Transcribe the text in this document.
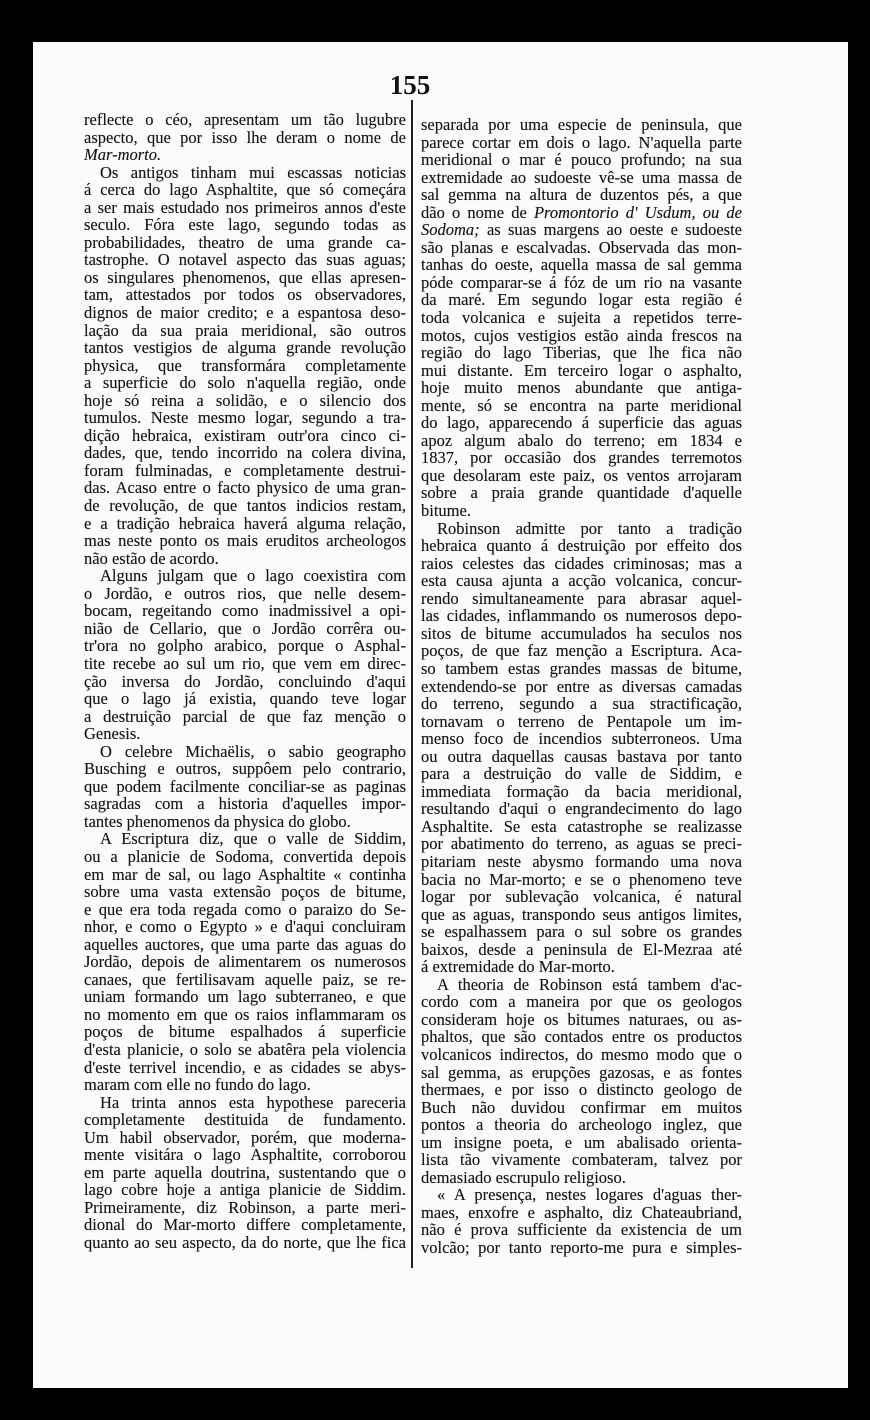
155
reflecte o céo, apresentam um tão lugubre
aspecto, que por isso lhe deram o nome de
Mar-morto.
Os antigos tinham mui escassas noticias
á cerca do lago Asphaltite, que só começára
a ser mais estudado nos primeiros annos d'este
seculo. Fóra este lago, segundo todas as
probabilidades, theatro de uma grande ca-
tastrophe. O notavel aspecto das suas aguas;
os singulares phenomenos, que ellas apresen-
tam, attestados por todos os observadores,
dignos de maior credito; e a espantosa deso-
lação da sua praia meridional, são outros
tantos vestigios de alguma grande revolução
physica, que transformára completamente
a superficie do solo n'aquella região, onde
hoje só reina a solidão, e o silencio dos
tumulos. Neste mesmo logar, segundo a tra-
dição hebraica, existiram outr'ora cinco ci-
dades, que, tendo incorrido na colera divina,
foram fulminadas, e completamente destrui-
das. Acaso entre o facto physico de uma gran-
de revolução, de que tantos indicios restam,
e a tradição hebraica haverá alguma relação,
mas neste ponto os mais eruditos archeologos
não estão de acordo.
Alguns julgam que o lago coexistira com
o Jordão, e outros rios, que nelle desem-
bocam, regeitando como inadmissivel a opi-
nião de Cellario, que o Jordão corrêra ou-
tr'ora no golpho arabico, porque o Asphal-
tite recebe ao sul um rio, que vem em direc-
ção inversa do Jordão, concluindo d'aqui
que o lago já existia, quando teve logar
a destruição parcial de que faz menção o
Genesis.
O celebre Michaëlis, o sabio geographo
Busching e outros, suppôem pelo contrario,
que podem facilmente conciliar-se as paginas
sagradas com a historia d'aquelles impor-
tantes phenomenos da physica do globo.
A Escriptura diz, que o valle de Siddim,
ou a planicie de Sodoma, convertida depois
em mar de sal, ou lago Asphaltite « continha
sobre uma vasta extensão poços de bitume,
e que era toda regada como o paraizo do Se-
nhor, e como o Egypto » e d'aqui concluiram
aquelles auctores, que uma parte das aguas do
Jordão, depois de alimentarem os numerosos
canaes, que fertilisavam aquelle paiz, se re-
uniam formando um lago subterraneo, e que
no momento em que os raios inflammaram os
poços de bitume espalhados á superficie
d'esta planicie, o solo se abatêra pela violencia
d'este terrivel incendio, e as cidades se abys-
maram com elle no fundo do lago.
Ha trinta annos esta hypothese pareceria
completamente destituida de fundamento.
Um habil observador, porém, que moderna-
mente visitára o lago Asphaltite, corroborou
em parte aquella doutrina, sustentando que o
lago cobre hoje a antiga planicie de Siddim.
Primeiramente, diz Robinson, a parte meri-
dional do Mar-morto differe completamente,
quanto ao seu aspecto, da do norte, que lhe fica
separada por uma especie de peninsula, que
parece cortar em dois o lago. N'aquella parte
meridional o mar é pouco profundo; na sua
extremidade ao sudoeste vê-se uma massa de
sal gemma na altura de duzentos pés, a que
dão o nome de Promontorio d' Usdum, ou de
Sodoma; as suas margens ao oeste e sudoeste
são planas e escalvadas. Observada das mon-
tanhas do oeste, aquella massa de sal gemma
póde comparar-se á fóz de um rio na vasante
da maré. Em segundo logar esta região é
toda volcanica e sujeita a repetidos terre-
motos, cujos vestigios estão ainda frescos na
região do lago Tiberias, que lhe fica não
mui distante. Em terceiro logar o asphalto,
hoje muito menos abundante que antiga-
mente, só se encontra na parte meridional
do lago, apparecendo á superficie das aguas
apoz algum abalo do terreno; em 1834 e
1837, por occasião dos grandes terremotos
que desolaram este paiz, os ventos arrojaram
sobre a praia grande quantidade d'aquelle
bitume.
Robinson admitte por tanto a tradição
hebraica quanto á destruição por effeito dos
raios celestes das cidades criminosas; mas a
esta causa ajunta a acção volcanica, concur-
rendo simultaneamente para abrasar aquel-
las cidades, inflammando os numerosos depo-
sitos de bitume accumulados ha seculos nos
poços, de que faz menção a Escriptura. Aca-
so tambem estas grandes massas de bitume,
extendendo-se por entre as diversas camadas
do terreno, segundo a sua stractificação,
tornavam o terreno de Pentapole um im-
menso foco de incendios subterroneos. Uma
ou outra daquellas causas bastava por tanto
para a destruição do valle de Siddim, e
immediata formação da bacia meridional,
resultando d'aqui o engrandecimento do lago
Asphaltite. Se esta catastrophe se realizasse
por abatimento do terreno, as aguas se preci-
pitariam neste abysmo formando uma nova
bacia no Mar-morto; e se o phenomeno teve
logar por sublevação volcanica, é natural
que as aguas, transpondo seus antigos limites,
se espalhassem para o sul sobre os grandes
baixos, desde a peninsula de El-Mezraa até
á extremidade do Mar-morto.
A theoria de Robinson está tambem d'ac-
cordo com a maneira por que os geologos
consideram hoje os bitumes naturaes, ou as-
phaltos, que são contados entre os productos
volcanicos indirectos, do mesmo modo que o
sal gemma, as erupções gazosas, e as fontes
thermaes, e por isso o distincto geologo de
Buch não duvidou confirmar em muitos
pontos a theoria do archeologo inglez, que
um insigne poeta, e um abalisado orienta-
lista tão vivamente combateram, talvez por
demasiado escrupulo religioso.
« A presença, nestes logares d'aguas ther-
maes, enxofre e asphalto, diz Chateaubriand,
não é prova sufficiente da existencia de um
volcão; por tanto reporto-me pura e simples-
